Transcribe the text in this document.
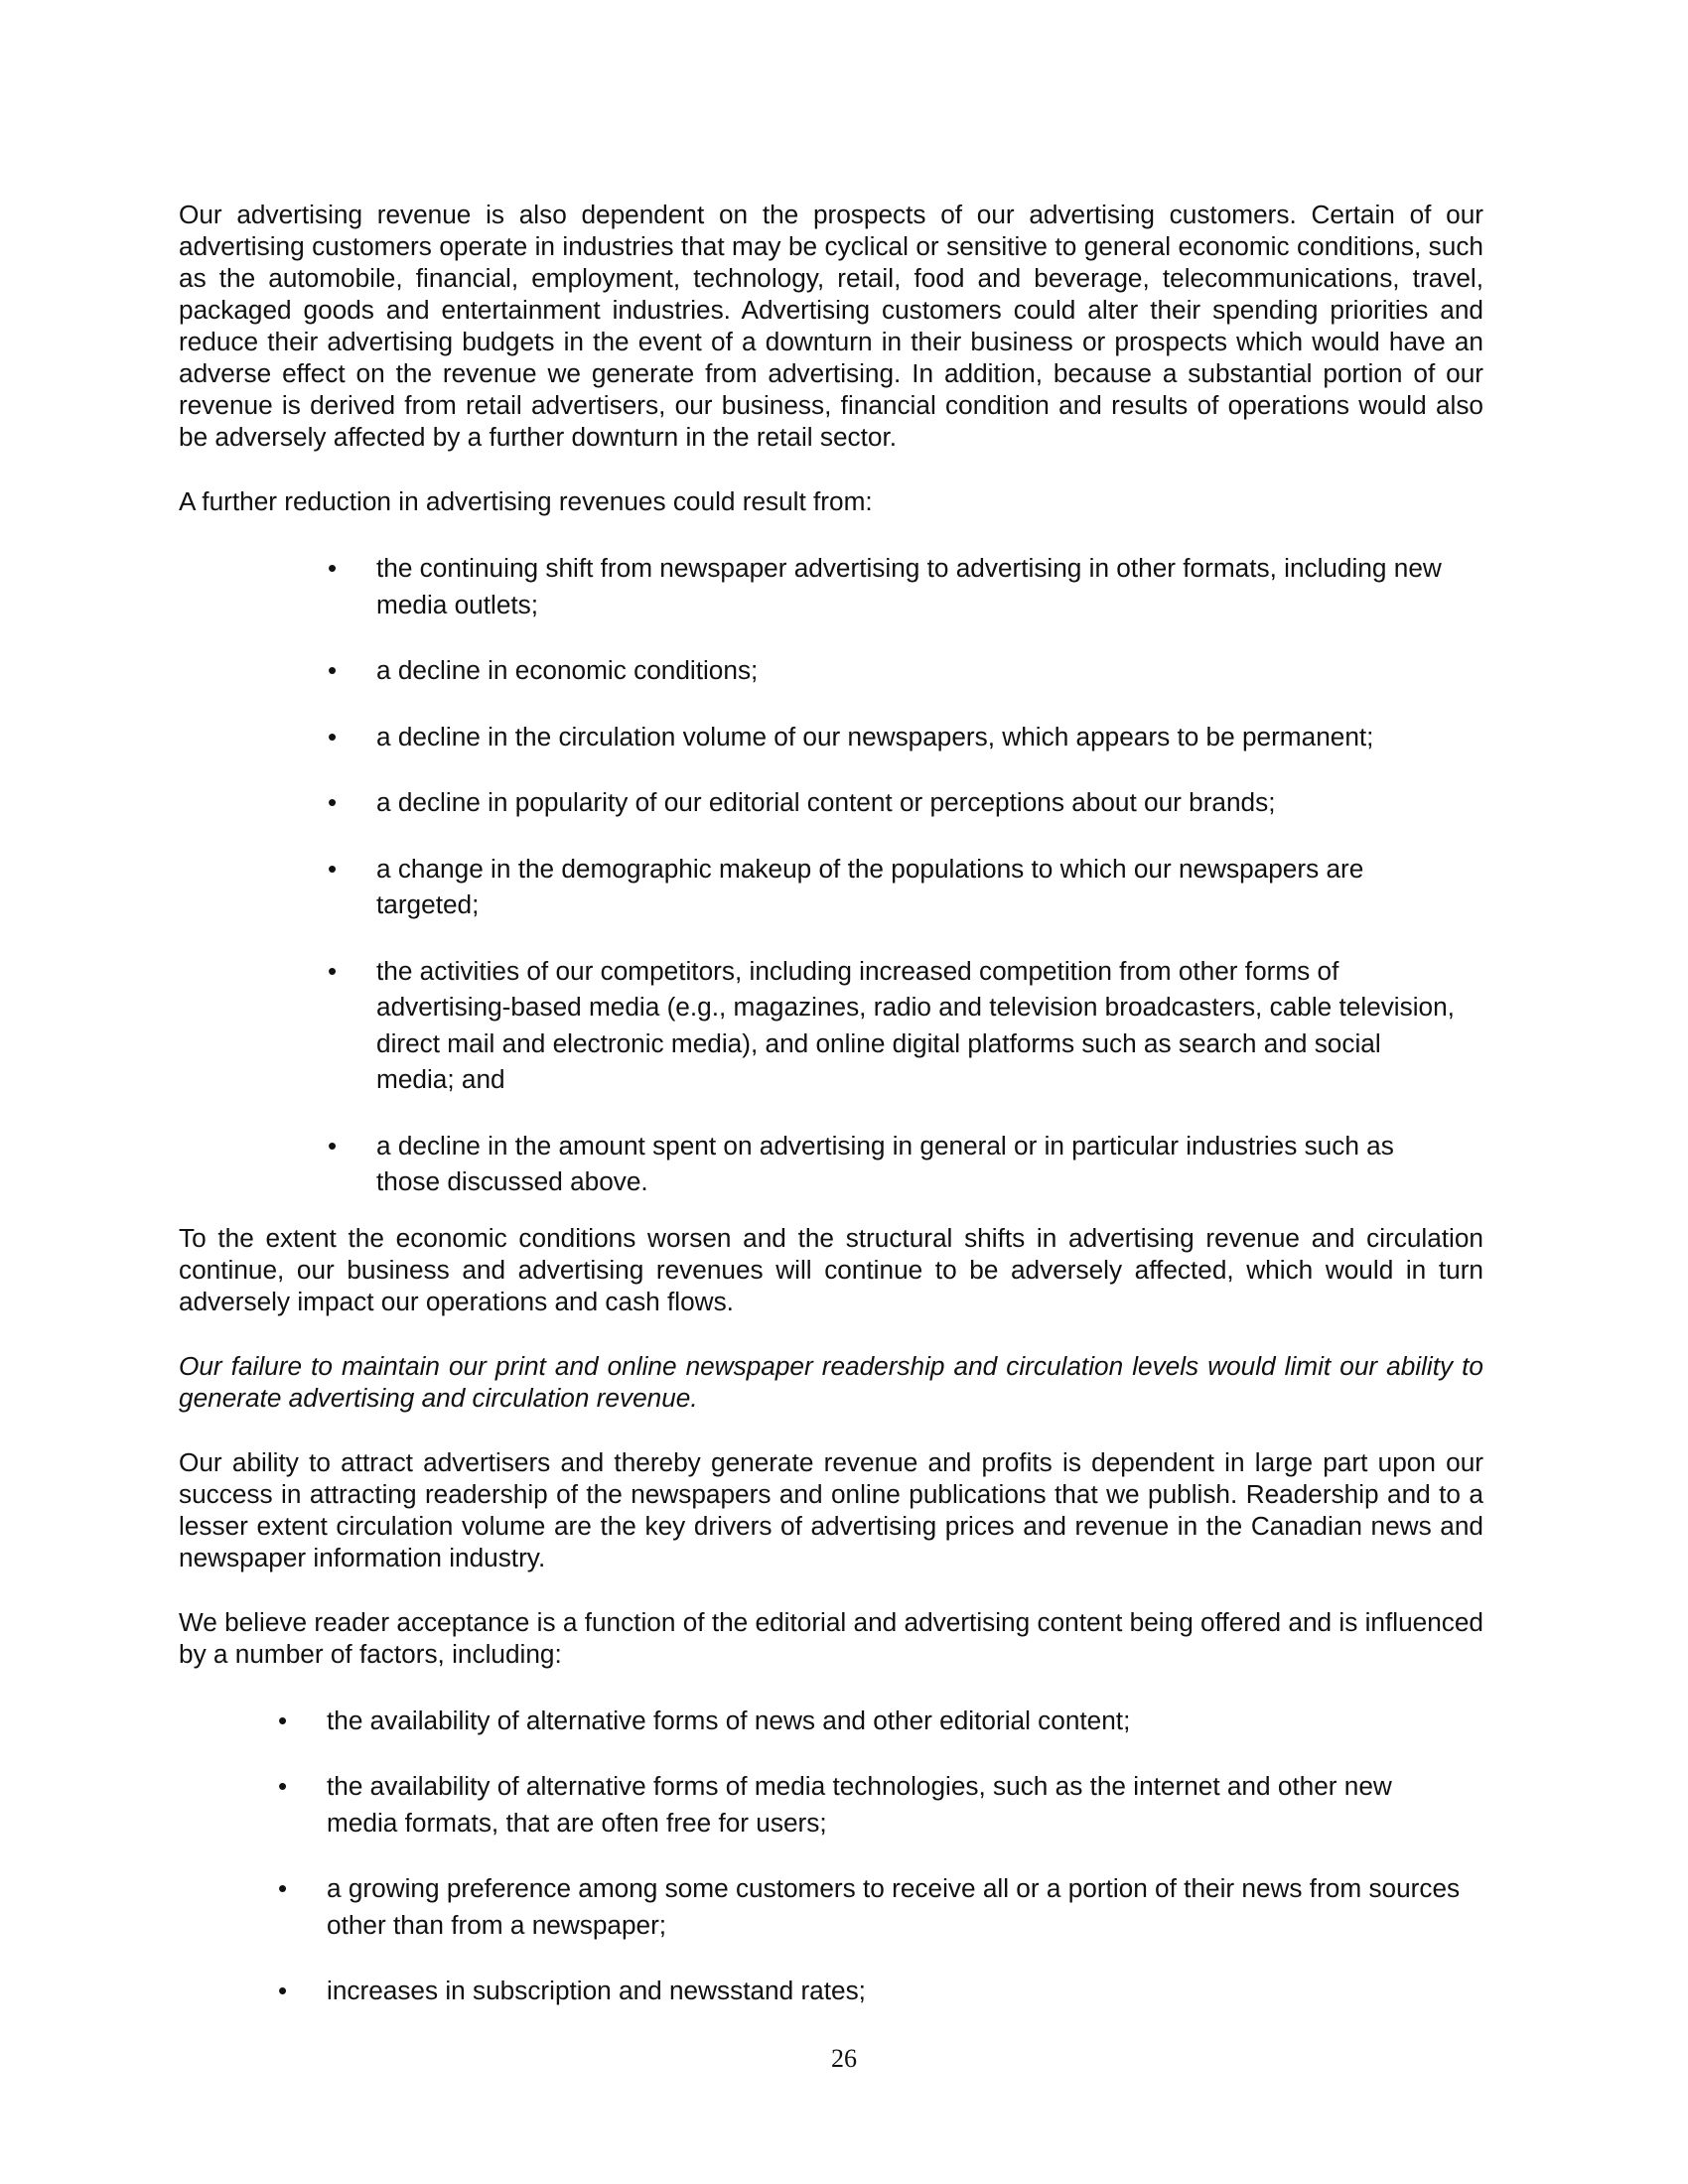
Our advertising revenue is also dependent on the prospects of our advertising customers. Certain of our advertising customers operate in industries that may be cyclical or sensitive to general economic conditions, such as the automobile, financial, employment, technology, retail, food and beverage, telecommunications, travel, packaged goods and entertainment industries. Advertising customers could alter their spending priorities and reduce their advertising budgets in the event of a downturn in their business or prospects which would have an adverse effect on the revenue we generate from advertising. In addition, because a substantial portion of our revenue is derived from retail advertisers, our business, financial condition and results of operations would also be adversely affected by a further downturn in the retail sector.

A further reduction in advertising revenues could result from:

• the continuing shift from newspaper advertising to advertising in other formats, including new media outlets;
• a decline in economic conditions;
• a decline in the circulation volume of our newspapers, which appears to be permanent;
• a decline in popularity of our editorial content or perceptions about our brands;
• a change in the demographic makeup of the populations to which our newspapers are targeted;
• the activities of our competitors, including increased competition from other forms of advertising-based media (e.g., magazines, radio and television broadcasters, cable television, direct mail and electronic media), and online digital platforms such as search and social media; and
• a decline in the amount spent on advertising in general or in particular industries such as those discussed above.

To the extent the economic conditions worsen and the structural shifts in advertising revenue and circulation continue, our business and advertising revenues will continue to be adversely affected, which would in turn adversely impact our operations and cash flows.

Our failure to maintain our print and online newspaper readership and circulation levels would limit our ability to generate advertising and circulation revenue.

Our ability to attract advertisers and thereby generate revenue and profits is dependent in large part upon our success in attracting readership of the newspapers and online publications that we publish. Readership and to a lesser extent circulation volume are the key drivers of advertising prices and revenue in the Canadian news and newspaper information industry.

We believe reader acceptance is a function of the editorial and advertising content being offered and is influenced by a number of factors, including:

• the availability of alternative forms of news and other editorial content;
• the availability of alternative forms of media technologies, such as the internet and other new media formats, that are often free for users;
• a growing preference among some customers to receive all or a portion of their news from sources other than from a newspaper;
• increases in subscription and newsstand rates;
26
